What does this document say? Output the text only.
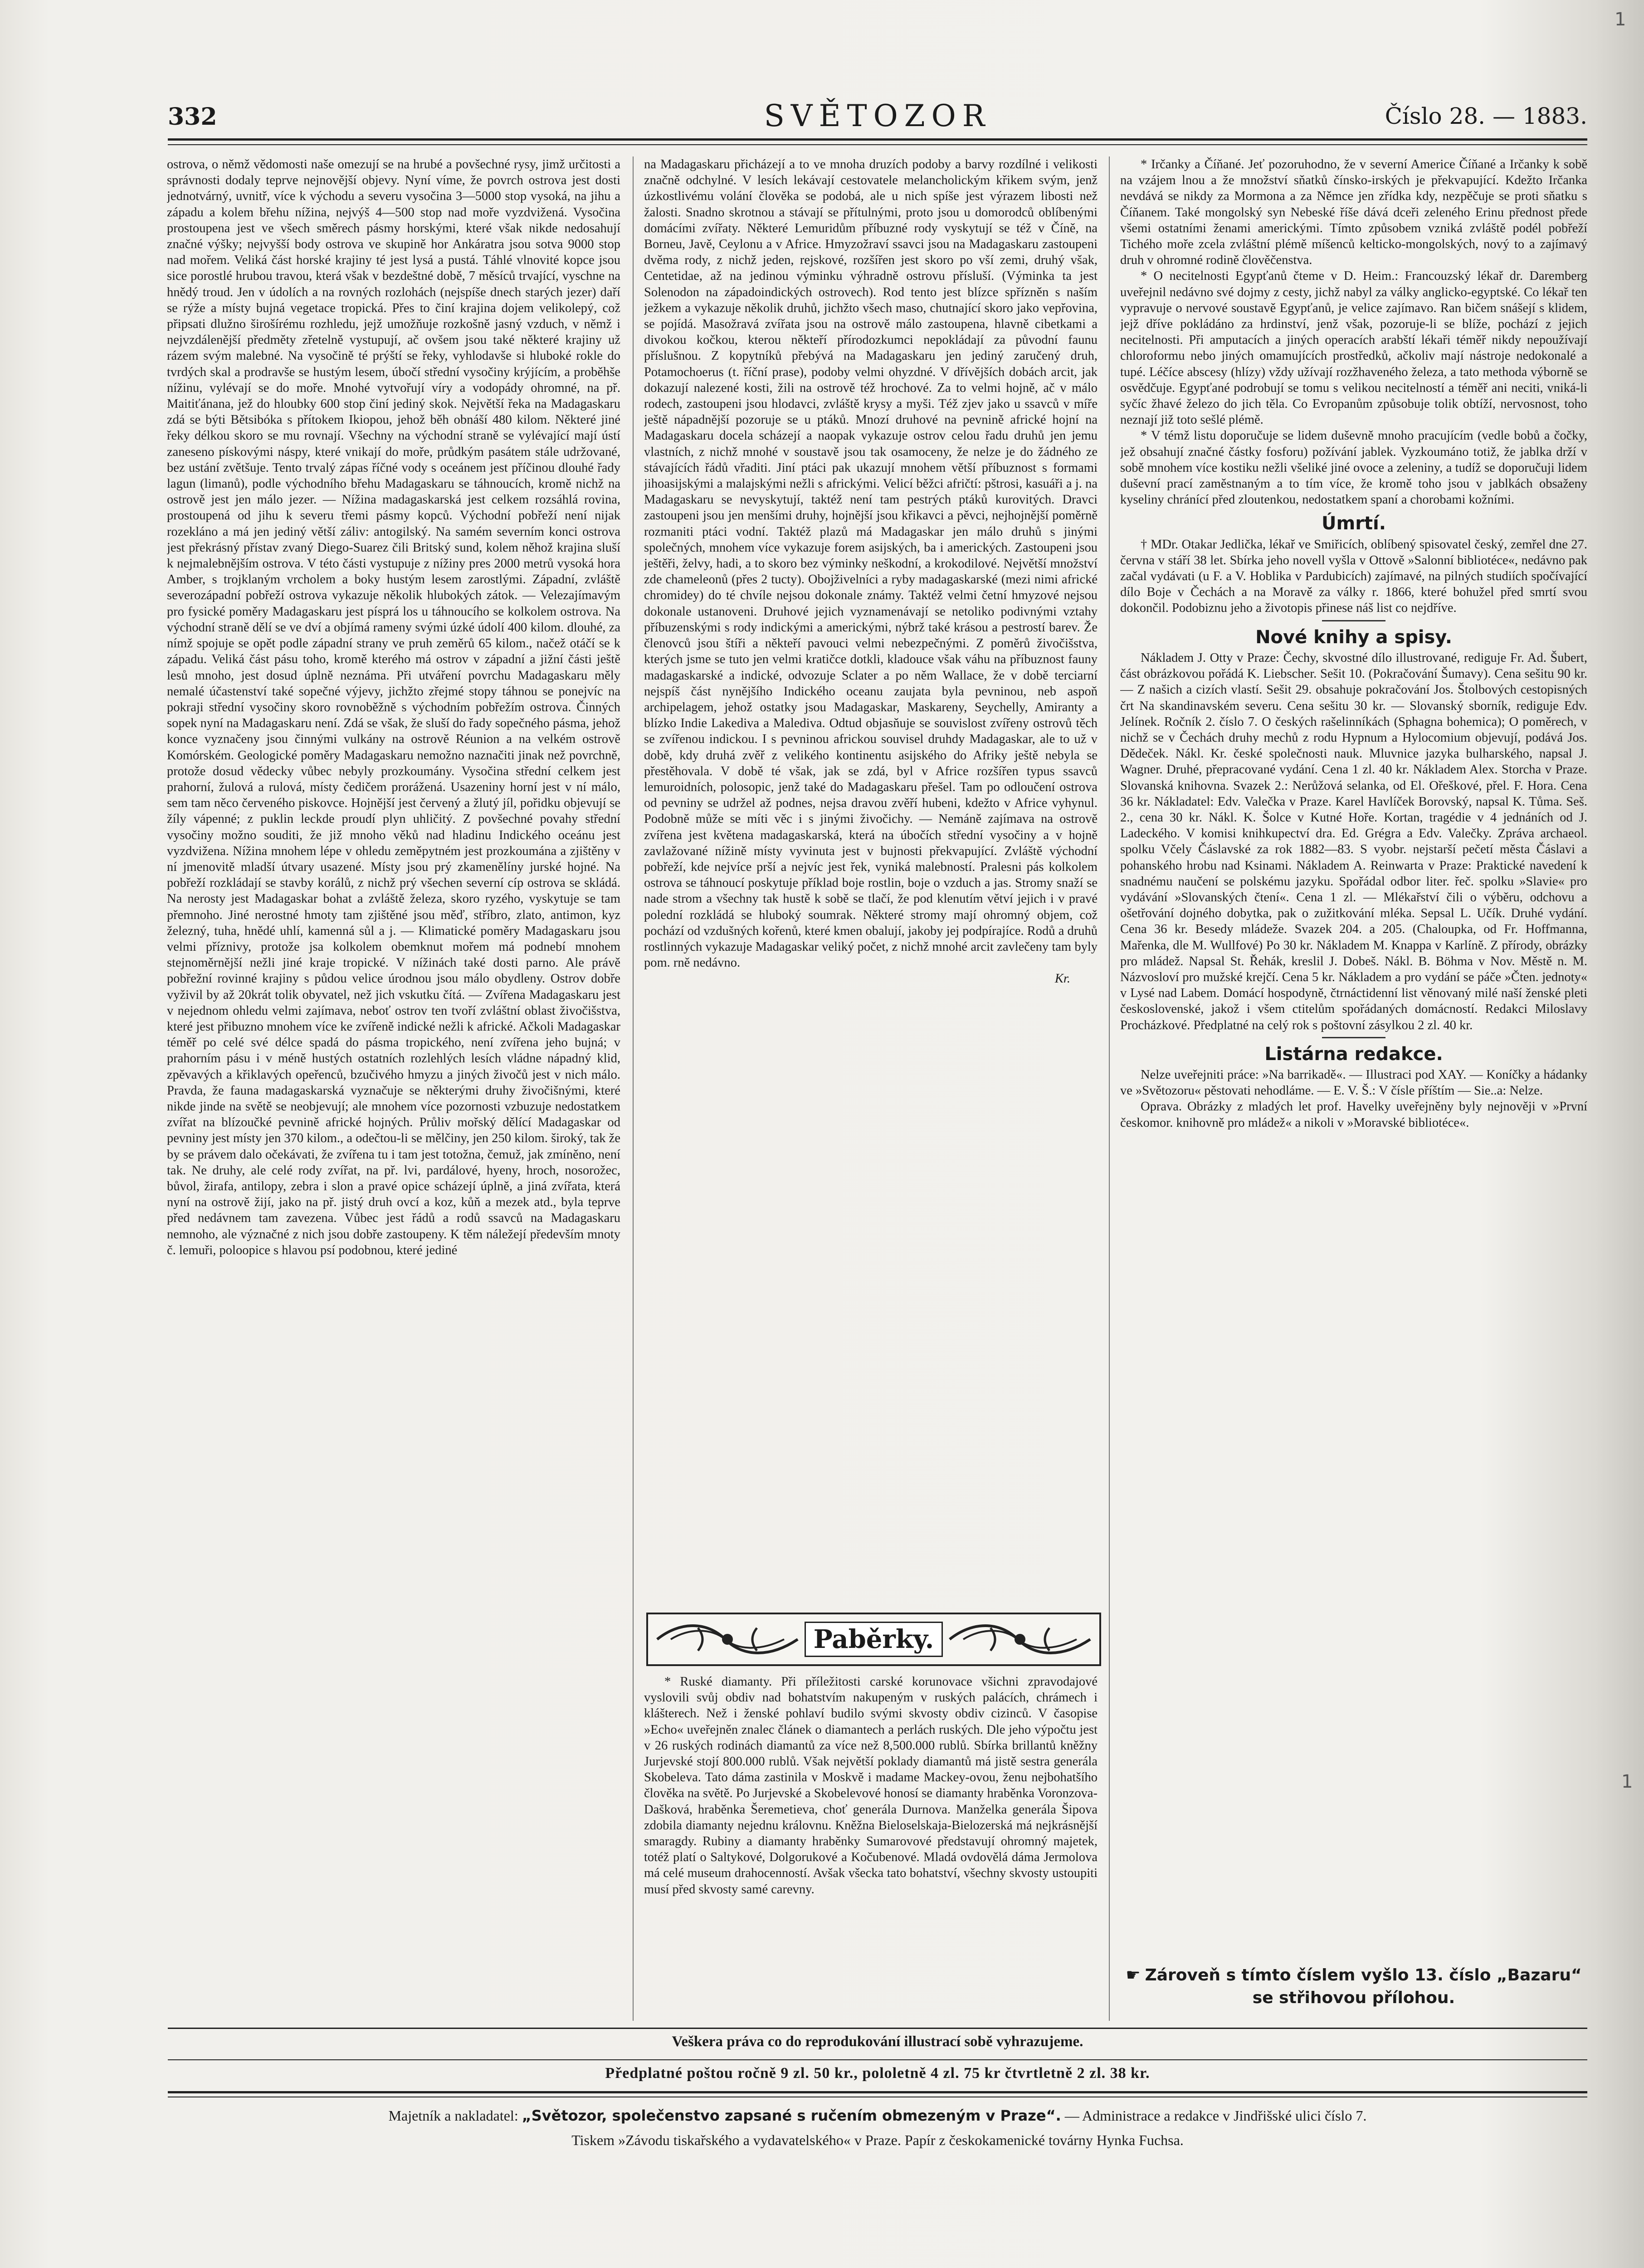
1
1
332	SVĚTOZOR	Číslo 28. — 1883.

ostrova, o němž vědomosti naše omezují se na hrubé a povšechné rysy, jimž určitosti a správnosti dodaly teprve nejnovější objevy. Nyní víme, že povrch ostrova jest dosti jednotvárný, uvnitř, více k východu a severu vysočina 3—5000 stop vysoká, na jihu a západu a kolem břehu nížina, nejvýš 4—500 stop nad moře vyzdvižená. Vysočina prostoupena jest ve všech směrech pásmy horskými, které však nikde nedosahují značné výšky; nejvyšší body ostrova ve skupině hor Ankáratra jsou sotva 9000 stop nad mořem. Veliká část horské krajiny té jest lysá a pustá. Táhlé vlnovité kopce jsou sice porostlé hrubou travou, která však v bezdeštné době, 7 měsíců trvající, vyschne na hnědý troud. Jen v údolích a na rovných rozlohách (nejspíše dnech starých jezer) daří se rýže a místy bujná vegetace tropická. Přes to činí krajina dojem velikolepý, což připsati dlužno širošírému rozhledu, jejž umožňuje rozkošně jasný vzduch, v němž i nejvzdálenější předměty zřetelně vystupují, ač ovšem jsou také některé krajiny už rázem svým malebné. Na vysočině té prýští se řeky, vyhlodavše si hluboké rokle do tvrdých skal a prodravše se hustým lesem, úbočí střední vysočiny krýjícím, a proběhše nížinu, vylévají se do moře. Mnohé vytvořují víry a vodopády ohromné, na př. Maitiťánana, jež do hloubky 600 stop činí jediný skok. Největší řeka na Madagaskaru zdá se býti Bětsibóka s přítokem Ikiopou, jehož běh obnáší 480 kilom. Některé jiné řeky délkou skoro se mu rovnají. Všechny na východní straně se vylévající mají ústí zaneseno pískovými náspy, které vnikají do moře, průdkým pasátem stále udržované, bez ustání zvětšuje. Tento trvalý zápas říčné vody s oceánem jest příčinou dlouhé řady lagun (limanů), podle východního břehu Madagaskaru se táhnoucích, kromě nichž na ostrově jest jen málo jezer. — Nížina madagaskarská jest celkem rozsáhlá rovina, prostoupená od jihu k severu třemi pásmy kopců. Východní pobřeží není nijak rozeklánο a má jen jediný větší záliv: antogilský. Na samém severním konci ostrova jest překrásný přístav zvaný Diego-Suarez čili Britský sund, kolem něhož krajina sluší k nejmalebnějším ostrova. V této části vystupuje z nížiny pres 2000 metrů vysoká hora Amber, s trojklaným vrcholem a boky hustým lesem zarostlými. Západní, zvláště severozápadní pobřeží ostrova vykazuje několik hlubokých zátok. — Velezajímavým pro fysické poměry Madagaskaru jest písprá los u táhnoucího se kolkolem ostrova. Na východní straně dělí se ve dví a objímá rameny svými úzké údolí 400 kilom. dlouhé, za nímž spojuje se opět podle západní strany ve pruh zeměrů 65 kilom., načež otáčí se k západu. Veliká část pásu toho, kromě kterého má ostrov v západní a jižní části ještě lesů mnoho, jest dosud úplně neznáma. Při utváření povrchu Madagaskaru měly nemalé účastenství také sopečné výjevy, jichžto zřejmé stopy táhnou se ponejvíc na pokraji střední vysočiny skoro rovnoběžně s východním pobřežím ostrova. Činných sopek nyní na Madagaskaru není. Zdá se však, že sluší do řady sopečného pásma, jehož konce vyznačeny jsou činnými vulkány na ostrově Réunion a na velkém ostrově Komórském. Geologické poměry Madagaskaru nemožno naznačiti jinak než povrchně, protože dosud vědecky vůbec nebyly prozkoumány. Vysočina střední celkem jest prahorní, žulová a rulová, místy čedičem prorážená. Usazeniny horní jest v ní málo, sem tam něco červeného piskovce. Hojnější jest červený a žlutý jíl, pořidku objevují se žíly vápenné; z puklin leckde proudí plyn uhličitý. Z povšechné povahy střední vysočiny možno souditi, že již mnoho věků nad hladinu Indického oceánu jest vyzdvižena. Nížina mnohem lépe v ohledu zeměpytném jest prozkoumána a zjištěny v ní jmenovitě mladší útvary usazené. Místy jsou prý zkamenělíny jurské hojné. Na pobřeží rozkládají se stavby korálů, z nichž prý všechen severní cíp ostrova se skládá. Na nerosty jest Madagaskar bohat a zvláště železa, skoro ryzého, vyskytuje se tam přemnoho. Jiné nerostné hmoty tam zjištěné jsou měď, stříbro, zlato, antimon, kyz železný, tuha, hnědé uhlí, kamenná sůl a j. — Klimatické poměry Madagaskaru jsou velmi příznivy, protože jsa kolkolem obemknut mořem má podnebí mnohem stejnoměrnější nežli jiné kraje tropické. V nížinách také dosti parno. Ale právě pobřežní rovinné krajiny s půdou velice úrodnou jsou málo obydleny. Ostrov dobře vyživil by až 20krát tolik obyvatel, než jich vskutku čítá. — Zvířena Madagaskaru jest v nejednom ohledu velmi zajímava, neboť ostrov ten tvoří zvláštní oblast živočišstva, které jest přibuzno mnohem více ke zvířeně indické nežli k africké. Ačkoli Madagaskar téměř po celé své délce spadá do pásma tropického, není zvířena jeho bujná; v prahorním pásu i v méně hustých ostatních rozlehlých lesích vládne nápadný klid, zpěvavých a křiklavých opeřenců, bzučivého hmyzu a jiných živočů jest v nich málo. Pravda, že fauna madagaskarská vyznačuje se některými druhy živočišnými, které nikde jinde na světě se neobjevují; ale mnohem více pozornosti vzbuzuje nedostatkem zvířat na blízoučké pevnině africké hojných. Průliv mořský dělící Madagaskar od pevniny jest místy jen 370 kilom., a odečtou-li se mělčiny, jen 250 kilom. široký, tak že by se právem dalo očekávati, že zvířena tu i tam jest totožna, čemuž, jak zmíněno, není tak. Ne druhy, ale celé rody zvířat, na př. lvi, pardálové, hyeny, hroch, nosorožec, bůvol, žirafa, antilopy, zebra i slon a pravé opice scházejí úplně, a jiná zvířata, která nyní na ostrově žijí, jako na př. jistý druh ovcí a koz, kůň a mezek atd., byla teprve před nedávnem tam zavezena. Vůbec jest řádů a rodů ssavců na Madagaskaru nemnoho, ale význačné z nich jsou dobře zastoupeny. K těm náležejí především mnoty č. lemuři, poloopice s hlavou psí podobnou, které jediné

na Madagaskaru přicházejí a to ve mnoha druzích podoby a barvy rozdílné i velikosti značně odchylné. V lesích lekávají cestovatele melancholickým křikem svým, jenž úzkostlivému volání člověka se podobá, ale u nich spíše jest výrazem libosti než žalosti. Snadno skrotnou a stávají se přítulnými, proto jsou u domorodců oblíbenými domácími zvířaty. Některé Lemuridům příbuzné rody vyskytují se též v Číně, na Borneu, Javě, Ceylonu a v Africe. Hmyzožraví ssavci jsou na Madagaskaru zastoupeni dvěma rody, z nichž jeden, rejskové, rozšířen jest skoro po vší zemi, druhý však, Centetidae, až na jedinou výminku výhradně ostrovu přísluší. (Výminka ta jest Solenodon na západoindických ostrovech). Rod tento jest blízce spřízněn s naším ježkem a vykazuje několik druhů, jichžto všech maso, chutnající skoro jako vepřovina, se pojídá. Masožravá zvířata jsou na ostrově málo zastoupena, hlavně cibetkami a divokou kočkou, kterou někteří přírodozkumci nepokládají za původní faunu příslušnou. Z kopytníků přebývá na Madagaskaru jen jediný zaručený druh, Potamochoerus (t. říční prase), podoby velmi ohyzdné. V dřívějších dobách arcit, jak dokazují nalezené kosti, žili na ostrově též hrochové. Za to velmi hojně, ač v málo rodech, zastoupeni jsou hlodavci, zvláště krysy a myši. Též zjev jako u ssavců v míře ještě nápadnější pozorujе se u ptáků. Mnozí druhové na pevnině africké hojní na Madagaskaru docela scházejí a naopak vykazuje ostrov celou řadu druhů jen jemu vlastních, z nichž mnohé v soustavě jsou tak osamoceny, že nelze je do žádného ze stávajících řádů vřaditi. Jiní ptáci pak ukazují mnohem větší příbuznost s formami jihoasijskými a malajskými nežli s africkými. Velicí běžci afričtí: pštrosi, kasuáři a j. na Madagaskaru se nevyskytují, taktéž není tam pestrých ptáků kurovitých. Dravci zastoupeni jsou jen menšími druhy, hojnější jsou křikavci a pěvci, nejhojnější poměrně rozmaniti ptáci vodní. Taktéž plazů má Madagaskar jen málo druhů s jinými společných, mnohem více vykazuje forem asijských, ba i amerických. Zastoupeni jsou ještěři, želvy, hadi, a to skoro bez výminky neškodní, a krokodilové. Největší množství zde chameleonů (přes 2 tucty). Obojživelníci a ryby madagaskarské (mezi nimi africké chromidey) do té chvíle nejsou dokonale známy. Taktéž velmi četní hmyzové nejsou dokonale ustanoveni. Druhové jejich vyznamenávají se netoliko podivnými vztahy příbuzenskými s rody indickými a americkými, nýbrž také krásou a pestrostí barev. Že členovců jsou štíři a někteří pavouci velmi nebezpečnými. Z poměrů živočišstva, kterých jsme se tuto jen velmi kratičce dotkli, kladouce však váhu na příbuznost fauny madagaskarské a indické, odvozuje Sclater a po něm Wallace, že v době terciarní nejspíš část nynějšího Indického oceanu zaujata byla pevninou, neb aspoň archipelagem, jehož ostatky jsou Madagaskar, Maskareny, Seychelly, Amiranty a blízko Indie Lakediva a Malediva. Odtud objasňuje se souvislost zvířeny ostrovů těch se zvířenou indickou. I s pevninou africkou souvisel druhdy Madagaskar, ale to už v době, kdy druhá zvěř z velikého kontinentu asijského do Afriky ještě nebyla se přestěhovala. V době té však, jak se zdá, byl v Africe rozšířen typus ssavců lemuroidních, polosopic, jenž také do Madagaskaru přešel. Tam po odloučení ostrova od pevniny se udržel až podnes, nejsa dravou zvěří hubeni, kdežto v Africe vyhynul. Podobně může se míti věc i s jinými živočichy. — Nemáně zajímava na ostrově zvířena jest květena madagaskarská, která na úbočích střední vysočiny a v hojně zavlažované nížině místy vyvinuta jest v bujnosti překvapující. Zvláště východní pobřeží, kde nejvíce prší a nejvíc jest řek, vyniká malebností. Pralesni pás kolkolem ostrova se táhnoucí poskytuje příklad boje rostlin, boje o vzduch a jas. Stromy snaží se nade strom a všechny tak hustě k sobě se tlačí, že pod klenutím větví jejich i v pravé polední rozkládá se hluboký soumrak. Některé stromy mají ohromný objem, což pochází od vzdušných kořenů, které kmen obalují, jakoby jej podpírajíce. Rodů a druhů rostlinných vykazuje Madagaskar veliký počet, z nichž mnohé arcit zavlečeny tam byly pom. rně nedávno.

Kr.
Paběrky.

* Ruské diamanty. Při příležitosti carské korunovace všichni zpravodajové vyslovili svůj obdiv nad bohatstvím nakupeným v ruských palácích, chrámech i klášterech. Než i ženské pohlaví budilo svými skvosty obdiv cizinců. V časopise »Echo« uveřejněn znalec článek o diamantech a perlách ruských. Dle jeho výpočtu jest v 26 ruských rodinách diamantů za více než 8,500.000 rublů. Sbírka brillantů kněžny Jurjevské stojí 800.000 rublů. Však největší poklady diamantů má jistě sestra generála Skobeleva. Tato dáma zastinila v Moskvě i madame Mackey-ovou, ženu nejbohatšího člověka na světě. Po Jurjevské a Skobelevové honosí se diamanty hraběnka Voronzova-Dašková, hraběnka Šeremetieva, choť generála Durnova. Manželka generála Šipova zdobila diamanty nejednu královnu. Kněžna Bieloselskaja-Bielozerská má nejkrásnější smaragdy. Rubiny a diamanty hraběnky Sumarovové představují ohromný majetek, totéž platí o Saltykové, Dolgorukové a Kočubenové. Mladá ovdovělá dáma Jermolova má celé museum drahocenností. Avšak všecka tato bohatství, všechny skvosty ustoupiti musí před skvosty samé carevny.

* Irčanky a Číňané. Jeť pozoruhodno, že v severní Americe Číňané a Irčanky k sobě na vzájem lnou a že množství sňatků čínsko-irských je překvapující. Kdežto Irčanka nevdává se nikdy za Mormona a za Němce jen zřídka kdy, nezpěčuje se proti sňatku s Číňanem. Také mongolský syn Nebeské říše dává dceři zeleného Erinu přednost přede všemi ostatními ženami americkými. Tímto způsobem vzniká zvláště podél pobřeží Tichého moře zcela zvláštní plémě míšenců kelticko-mongolských, nový to a zajímavý druh v ohromné rodině člověčenstva.

* O necitelnosti Egypťanů čteme v D. Heim.: Francouzský lékař dr. Daremberg uveřejnil nedávno své dojmy z cesty, jichž nabyl za války anglicko-egyptské. Co lékař ten vypravuje o nervové soustavě Egypťanů, je velice zajímavo. Ran bičem snášejí s klidem, jejž dříve pokládáno za hrdinství, jenž však, pozoruje-li se blíže, pochází z jejich necitelnosti. Při amputacích a jiných operacích arabští lékaři téměř nikdy nepoužívají chloroformu nebo jiných omamujících prostředků, ačkoliv mají nástroje nedokonalé a tupé. Léčíce abscesy (hlízy) vždy užívají rozžhaveného železa, a tato methoda výborně se osvědčuje. Egypťané podrobují se tomu s velikou necitelností a téměř ani neciti, vniká-li syčíc žhavé železo do jich těla. Co Evropanům způsobuje tolik obtíží, nervosnost, toho neznají již toto sešlé plémě.

* V témž listu doporučuje se lidem duševně mnoho pracujícím (vedle bobů a čočky, jež obsahují značné částky fosforu) požívání jablek. Vyzkoumáno totiž, že jablka drží v sobě mnohem více kostiku nežli všeliké jiné ovoce a zeleniny, a tudíž se doporučuji lidem duševní prací zaměstnaným a to tím více, že kromě toho jsou v jablkách obsaženy kyseliny chránící před zloutenkou, nedostatkem spaní a chorobami kožními.

Úmrtí.

† MDr. Otakar Jedlička, lékař ve Smiřicích, oblíbený spisovatel český, zemřel dne 27. června v stáří 38 let. Sbírka jeho novell vyšla v Ottově »Salonní bibliotéce«, nedávno pak začal vydávati (u F. a V. Hoblika v Pardubicích) zajímavé, na pilných studiích spočívající dílo Boje v Čechách a na Moravě za války r. 1866, které bohužel před smrtí svou dokončil. Podobiznu jeho a životopis přinese náš list co nejdříve.

Nové knihy a spisy.

Nákladem J. Otty v Praze: Čechy, skvostné dílo illustrované, rediguje Fr. Ad. Šubert, část obrázkovou pořádá K. Liebscher. Sešit 10. (Pokračování Šumavy). Cena sešitu 90 kr. — Z našich a cizích vlastí. Sešit 29. obsahuje pokračování Jos. Štolbových cestopisných črt Na skandinavském severu. Cena sešitu 30 kr. — Slovanský sborník, rediguje Edv. Jelínek. Ročník 2. číslo 7. O českých rašelinníkách (Sphagna bohemica); O poměrech, v nichž se v Čechách druhy mechů z rodu Hypnum a Hylocomium objevují, podává Jos. Dědeček. Nákl. Kr. české společnosti nauk. Mluvnice jazyka bulharského, napsal J. Wagner. Druhé, přepracované vydání. Cena 1 zl. 40 kr. Nákladem Alex. Storcha v Praze. Slovanská knihovna. Svazek 2.: Nerůžová selanka, od El. Ořeškové, přel. F. Hora. Cena 36 kr. Nákladatel: Edv. Valečka v Praze. Karel Havlíček Borovský, napsal K. Tůma. Seš. 2., cena 30 kr. Nákl. K. Šolce v Kutné Hoře. Kortan, tragédie v 4 jednáních od J. Ladeckého. V komisi knihkupectví dra. Ed. Grégra a Edv. Valečky. Zpráva archaeol. spolku Včely Čáslavské za rok 1882—83. S vyobr. nejstarší pečetí města Čáslavi a pohanského hrobu nad Ksinami. Nákladem A. Reinwarta v Praze: Praktické navedení k snadnému naučení se polskému jazyku. Spořádal odbor liter. řeč. spolku »Slavie« pro vydávání »Slovanských čtení«. Cena 1 zl. — Mlékařství čili o výběru, odchovu a ošetřování dojného dobytka, pak o zužitkování mléka. Sepsal L. Učík. Druhé vydání. Cena 36 kr. Besedy mládeže. Svazek 204. a 205. (Chaloupka, od Fr. Hoffmanna, Mařenka, dle M. Wullfové) Po 30 kr. Nákladem M. Knappa v Karlíně. Z přírody, obrázky pro mládež. Napsal St. Řehák, kreslil J. Dobeš. Nákl. B. Böhma v Nov. Městě n. M. Názvosloví pro mužské krejčí. Cena 5 kr. Nákladem a pro vydání se páče »Čten. jednoty« v Lysé nad Labem. Domácí hospodyně, čtrnáctidenní list věnovaný milé naší ženské pleti československé, jakož i všem ctitelům spořádaných domácností. Redakci Miloslavy Procházkové. Předplatné na celý rok s poštovní zásylkou 2 zl. 40 kr.

Listárna redakce.

Nelze uveřejniti práce: »Na barrikadě«. — Illustraci pod XAY. — Koníčky a hádanky ve »Světozoru« pěstovati nehodláme. — E. V. Š.: V čísle příštím — Sie..a: Nelze.

Oprava. Obrázky z mladých let prof. Havelky uveřejněny byly nejnověji v »První českomor. knihovně pro mládež« a nikoli v »Moravské bibliotéce«.

☛ Zároveň s tímto číslem vyšlo 13. číslo „Bazaru“ se střihovou přílohou.
Veškera práva co do reprodukování illustrací sobě vyhrazujeme.
Předplatné poštou ročně 9 zl. 50 kr., pololetně 4 zl. 75 kr čtvrtletně 2 zl. 38 kr.
Majetník a nakladatel: „Světozor, společenstvo zapsané s ručením obmezeným v Praze“. — Administrace a redakce v Jindřišské ulici číslo 7.
Tiskem »Závodu tiskařského a vydavatelského« v Praze. Papír z českokamenické továrny Hynka Fuchsa.
